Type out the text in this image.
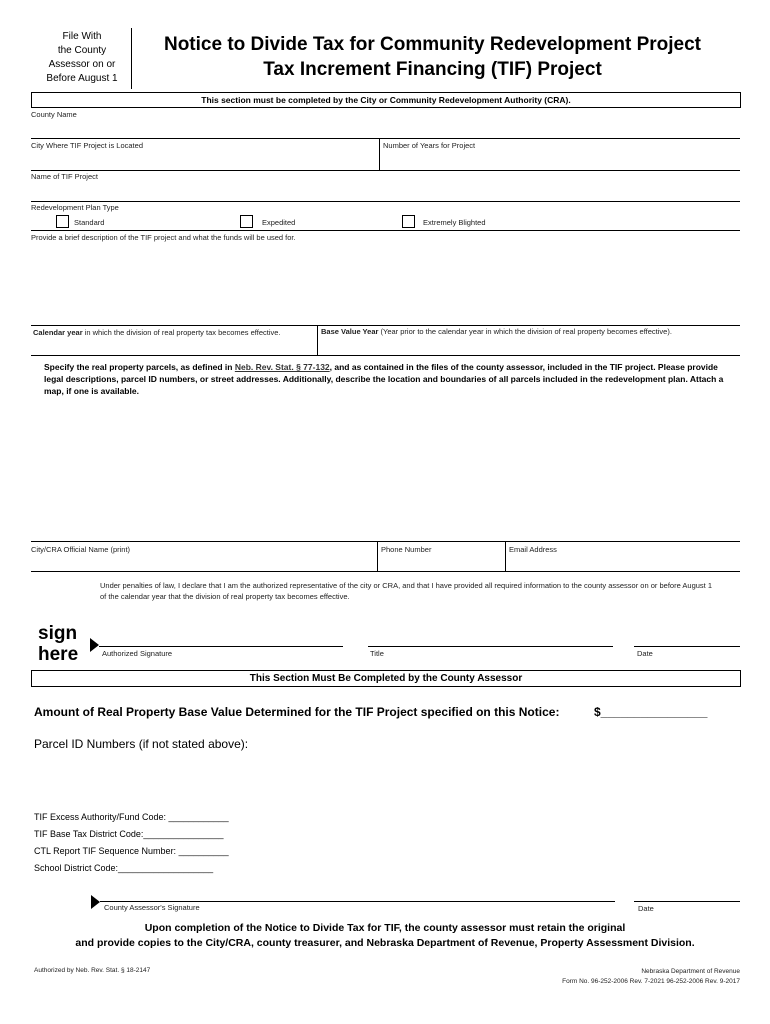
File With
the County
Assessor on or
Before August 1
Notice to Divide Tax for Community Redevelopment Project
Tax Increment Financing (TIF) Project
This section must be completed by the City or Community Redevelopment Authority (CRA).
County Name
City Where TIF Project is Located	Number of Years for Project
Name of TIF Project
Redevelopment Plan Type
Standard	Expedited	Extremely Blighted
Provide a brief description of the TIF project and what the funds will be used for.
Calendar year in which the division of real property tax becomes effective.	Base Value Year (Year prior to the calendar year in which the division of real property becomes effective).
Specify the real property parcels, as defined in Neb. Rev. Stat. § 77-132, and as contained in the files of the county assessor, included in the TIF project. Please provide legal descriptions, parcel ID numbers, or street addresses. Additionally, describe the location and boundaries of all parcels included in the redevelopment plan. Attach a map, if one is available.
City/CRA Official Name (print)	Phone Number	Email Address
Under penalties of law, I declare that I am the authorized representative of the city or CRA, and that I have provided all required information to the county assessor on or before August 1 of the calendar year that the division of real property tax becomes effective.
sign
here	Authorized Signature	Title	Date
This Section Must Be Completed by the County Assessor
Amount of Real Property Base Value Determined for the TIF Project specified on this Notice:	$________________
Parcel ID Numbers (if not stated above):
TIF Excess Authority/Fund Code: ____________
TIF Base Tax District Code:________________
CTL Report TIF Sequence Number: __________
School District Code:___________________
County Assessor's Signature	Date
Upon completion of the Notice to Divide Tax for TIF, the county assessor must retain the original
and provide copies to the City/CRA, county treasurer, and Nebraska Department of Revenue, Property Assessment Division.
Authorized by Neb. Rev. Stat. § 18-2147	Nebraska Department of Revenue
Form No. 96-252-2006 Rev. 7-2021 96-252-2006 Rev. 9-2017
